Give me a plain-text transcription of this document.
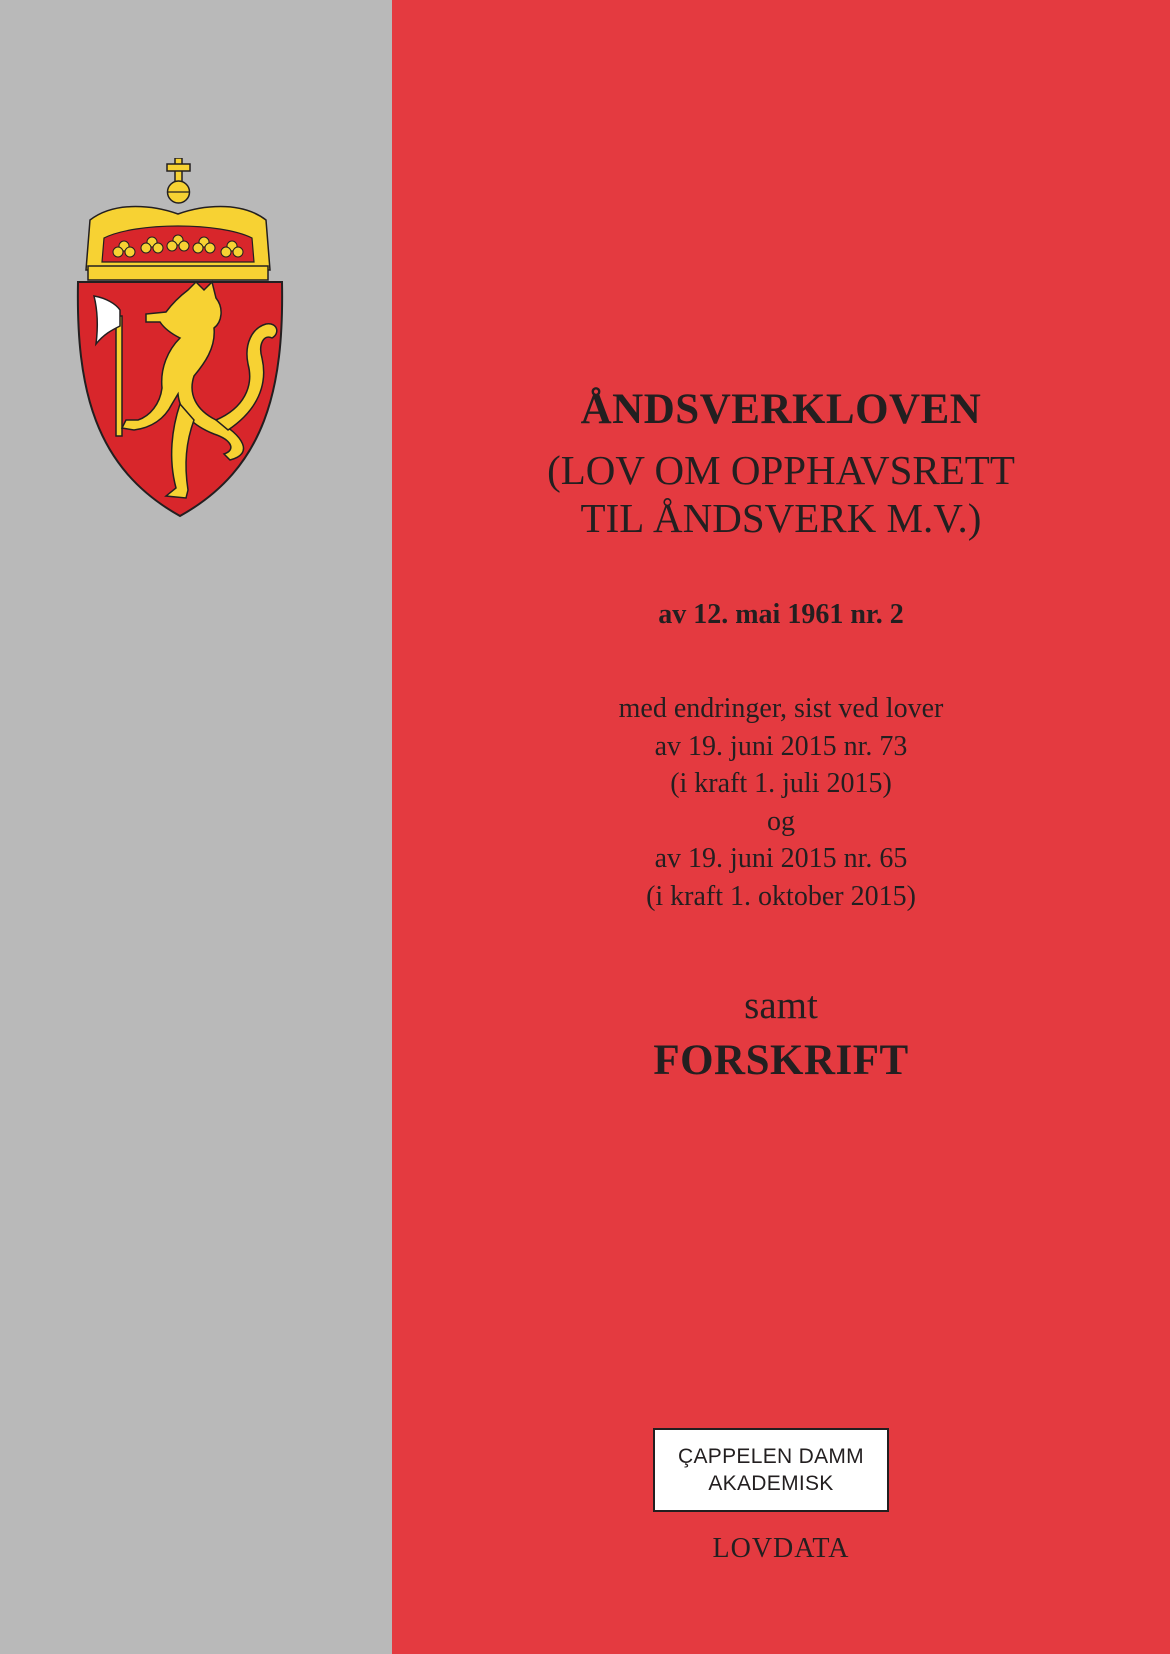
ÅNDSVERKLOVEN
(LOV OM OPPHAVSRETT
TIL ÅNDSVERK M.V.)
av 12. mai 1961 nr. 2
med endringer, sist ved lover
av 19. juni 2015 nr. 73
(i kraft 1. juli 2015)
og
av 19. juni 2015 nr. 65
(i kraft 1. oktober 2015)
samt
FORSKRIFT
ÇAPPELEN DAMM
AKADEMISK
LOVDATA
